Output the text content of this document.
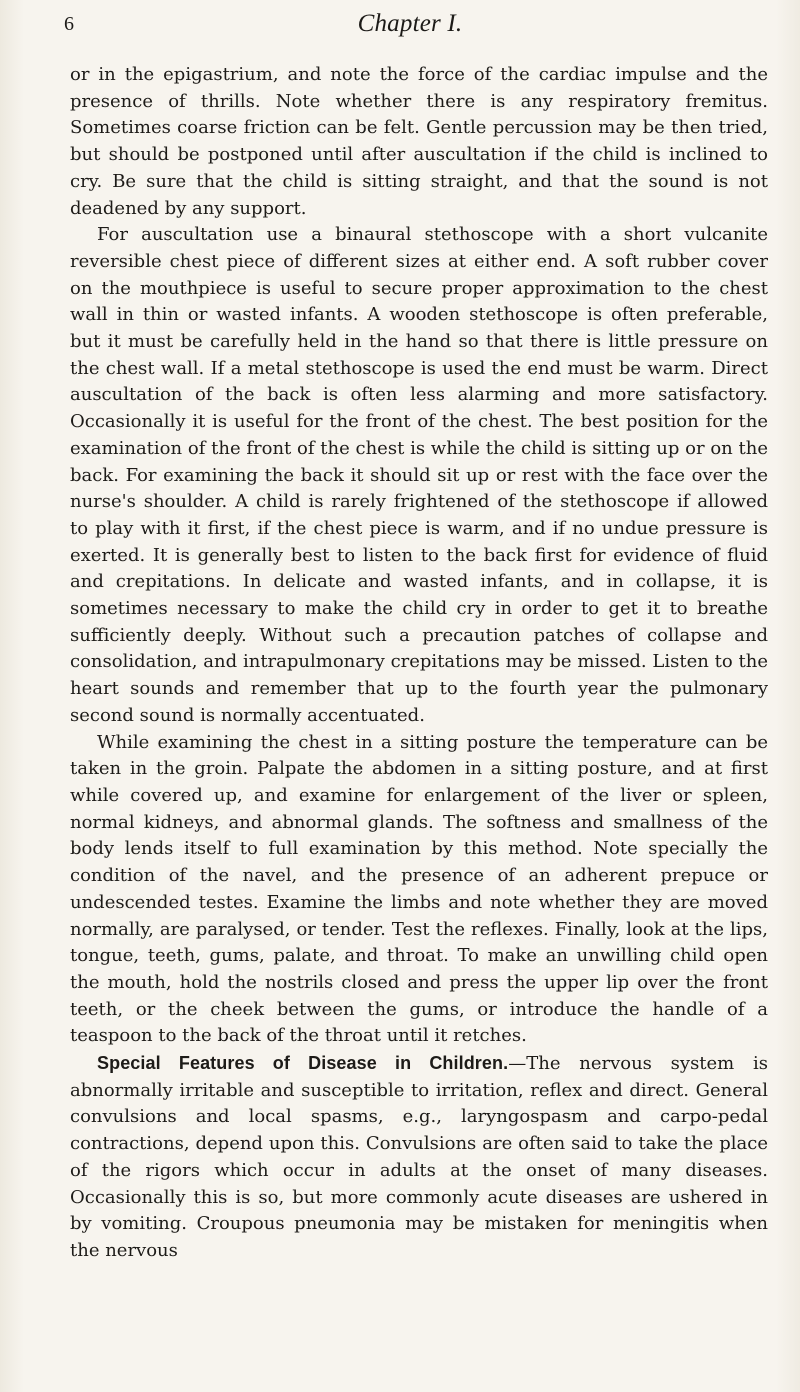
6	Chapter I.

or in the epigastrium, and note the force of the cardiac impulse and the presence of thrills. Note whether there is any respiratory fremitus. Sometimes coarse friction can be felt. Gentle percussion may be then tried, but should be postponed until after auscultation if the child is inclined to cry. Be sure that the child is sitting straight, and that the sound is not deadened by any support.

For auscultation use a binaural stethoscope with a short vulcanite reversible chest piece of different sizes at either end. A soft rubber cover on the mouthpiece is useful to secure proper approximation to the chest wall in thin or wasted infants. A wooden stethoscope is often preferable, but it must be carefully held in the hand so that there is little pressure on the chest wall. If a metal stethoscope is used the end must be warm. Direct auscultation of the back is often less alarming and more satisfactory. Occasionally it is useful for the front of the chest. The best position for the examination of the front of the chest is while the child is sitting up or on the back. For examining the back it should sit up or rest with the face over the nurse's shoulder. A child is rarely frightened of the stethoscope if allowed to play with it first, if the chest piece is warm, and if no undue pressure is exerted. It is generally best to listen to the back first for evidence of fluid and crepitations. In delicate and wasted infants, and in collapse, it is sometimes necessary to make the child cry in order to get it to breathe sufficiently deeply. Without such a precaution patches of collapse and consolidation, and intrapulmonary crepitations may be missed. Listen to the heart sounds and remember that up to the fourth year the pulmonary second sound is normally accentuated.

While examining the chest in a sitting posture the temperature can be taken in the groin. Palpate the abdomen in a sitting posture, and at first while covered up, and examine for enlargement of the liver or spleen, normal kidneys, and abnormal glands. The softness and smallness of the body lends itself to full examination by this method. Note specially the condition of the navel, and the presence of an adherent prepuce or undescended testes. Examine the limbs and note whether they are moved normally, are paralysed, or tender. Test the reflexes. Finally, look at the lips, tongue, teeth, gums, palate, and throat. To make an unwilling child open the mouth, hold the nostrils closed and press the upper lip over the front teeth, or the cheek between the gums, or introduce the handle of a teaspoon to the back of the throat until it retches.

Special Features of Disease in Children.—The nervous system is abnormally irritable and susceptible to irritation, reflex and direct. General convulsions and local spasms, e.g., laryngospasm and carpo-pedal contractions, depend upon this. Convulsions are often said to take the place of the rigors which occur in adults at the onset of many diseases. Occasionally this is so, but more commonly acute diseases are ushered in by vomiting. Croupous pneumonia may be mistaken for meningitis when the nervous
